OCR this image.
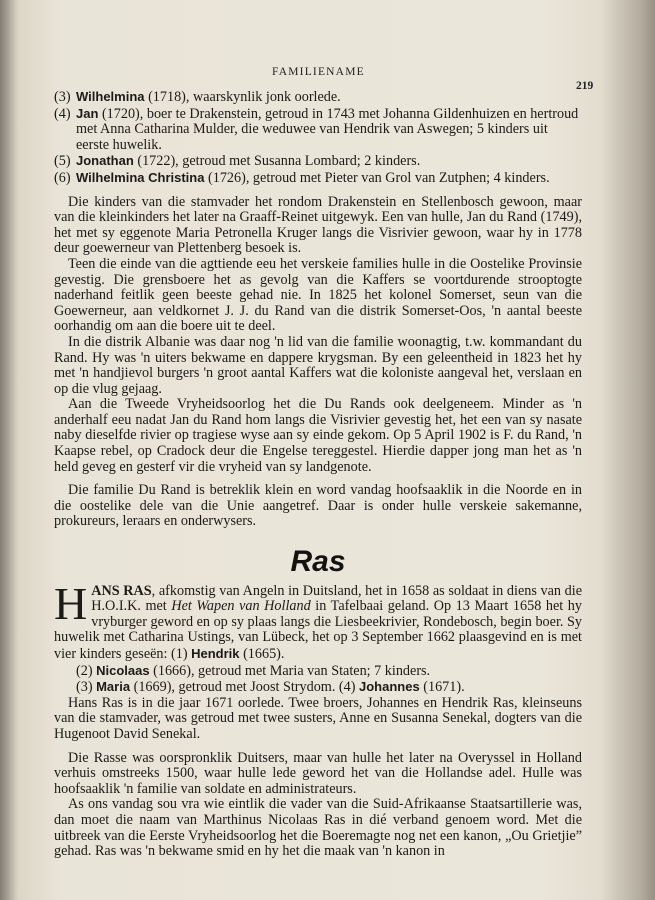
FAMILIENAME
219
(3) Wilhelmina (1718), waarskynlik jonk oorlede.
(4) Jan (1720), boer te Drakenstein, getroud in 1743 met Johanna Gildenhuizen en hertroud met Anna Catharina Mulder, die weduwee van Hendrik van Aswegen; 5 kinders uit eerste huwelik.
(5) Jonathan (1722), getroud met Susanna Lombard; 2 kinders.
(6) Wilhelmina Christina (1726), getroud met Pieter van Grol van Zutphen; 4 kinders.

Die kinders van die stamvader het rondom Drakenstein en Stellenbosch gewoon, maar van die kleinkinders het later na Graaff-Reinet uitgewyk. Een van hulle, Jan du Rand (1749), het met sy eggenote Maria Petronella Kruger langs die Visrivier gewoon, waar hy in 1778 deur goewerneur van Plettenberg besoek is.

Teen die einde van die agttiende eeu het verskeie families hulle in die Oostelike Provinsie gevestig. Die grensboere het as gevolg van die Kaffers se voortdurende strooptogte naderhand feitlik geen beeste gehad nie. In 1825 het kolonel Somerset, seun van die Goewerneur, aan veldkornet J. J. du Rand van die distrik Somerset-Oos, 'n aantal beeste oorhandig om aan die boere uit te deel.

In die distrik Albanie was daar nog 'n lid van die familie woonagtig, t.w. kommandant du Rand. Hy was 'n uiters bekwame en dappere krygsman. By een geleentheid in 1823 het hy met 'n handjievol burgers 'n groot aantal Kaffers wat die koloniste aangeval het, verslaan en op die vlug gejaag.

Aan die Tweede Vryheidsoorlog het die Du Rands ook deelgeneem. Minder as 'n anderhalf eeu nadat Jan du Rand hom langs die Visrivier gevestig het, het een van sy nasate naby dieselfde rivier op tragiese wyse aan sy einde gekom. Op 5 April 1902 is F. du Rand, 'n Kaapse rebel, op Cradock deur die Engelse tereggestel. Hierdie dapper jong man het as 'n held geveg en gesterf vir die vryheid van sy landgenote.

Die familie Du Rand is betreklik klein en word vandag hoofsaaklik in die Noorde en in die oostelike dele van die Unie aangetref. Daar is onder hulle verskeie sakemanne, prokureurs, leraars en onderwysers.

Ras

HANS RAS, afkomstig van Angeln in Duitsland, het in 1658 as soldaat in diens van die H.O.I.K. met Het Wapen van Holland in Tafelbaai geland. Op 13 Maart 1658 het hy vryburger geword en op sy plaas langs die Liesbeekrivier, Rondebosch, begin boer. Sy huwelik met Catharina Ustings, van Lübeck, het op 3 September 1662 plaasgevind en is met vier kinders geseën: (1) Hendrik (1665).

(2) Nicolaas (1666), getroud met Maria van Staten; 7 kinders.
(3) Maria (1669), getroud met Joost Strydom. (4) Johannes (1671).

Hans Ras is in die jaar 1671 oorlede. Twee broers, Johannes en Hendrik Ras, kleinseuns van die stamvader, was getroud met twee susters, Anne en Susanna Senekal, dogters van die Hugenoot David Senekal.

Die Rasse was oorspronklik Duitsers, maar van hulle het later na Overyssel in Holland verhuis omstreeks 1500, waar hulle lede geword het van die Hollandse adel. Hulle was hoofsaaklik 'n familie van soldate en administrateurs.

As ons vandag sou vra wie eintlik die vader van die Suid-Afrikaanse Staatsartillerie was, dan moet die naam van Marthinus Nicolaas Ras in dié verband genoem word. Met die uitbreek van die Eerste Vryheidsoorlog het die Boeremagte nog net een kanon, „Ou Grietjie” gehad. Ras was 'n bekwame smid en hy het die maak van 'n kanon in
